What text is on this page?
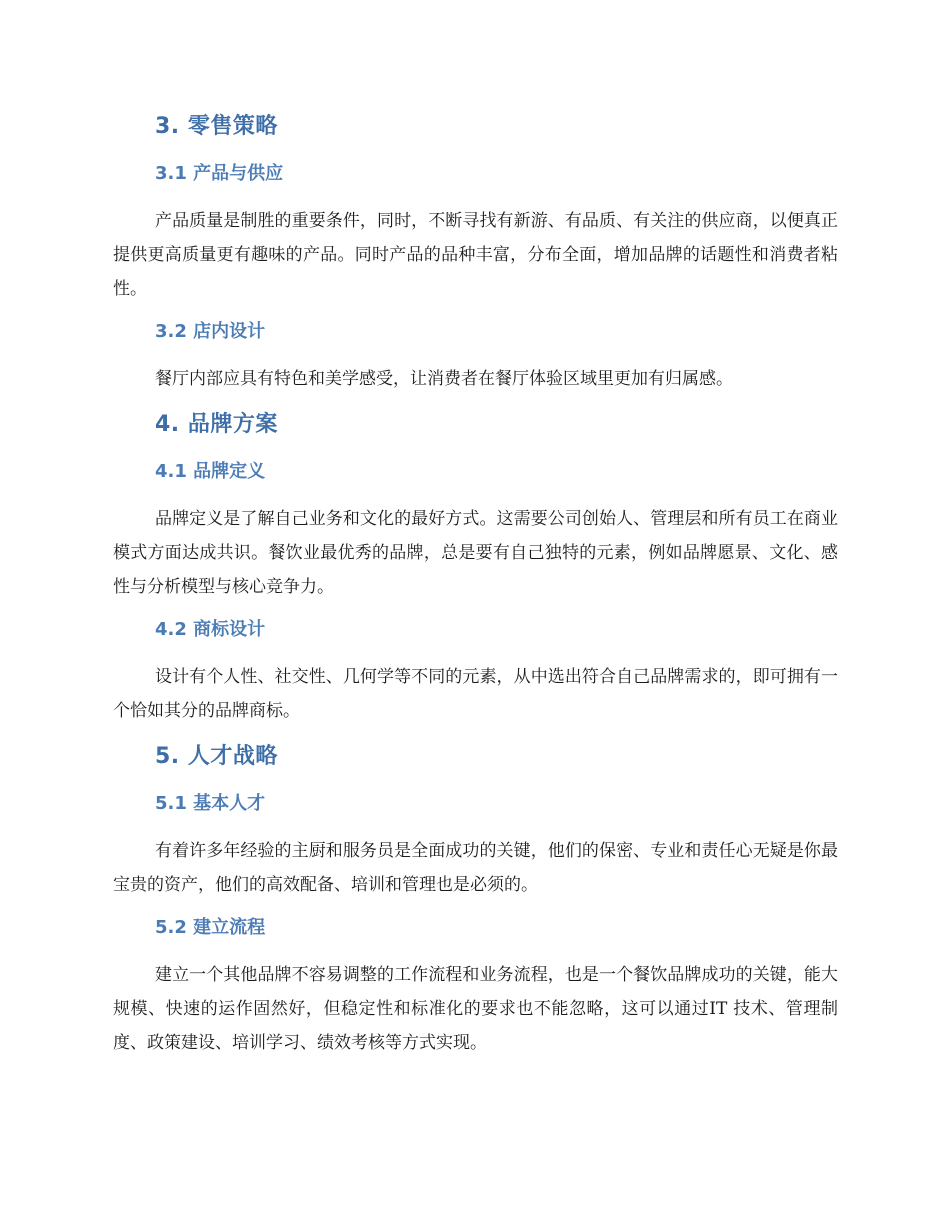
3. 零售策略
3.1 产品与供应

产品质量是制胜的重要条件，同时，不断寻找有新游、有品质、有关注的供应商，以便真正提供更高质量更有趣味的产品。同时产品的品种丰富，分布全面，增加品牌的话题性和消费者粘性。

3.2 店内设计

餐厅内部应具有特色和美学感受，让消费者在餐厅体验区域里更加有归属感。

4. 品牌方案
4.1 品牌定义

品牌定义是了解自己业务和文化的最好方式。这需要公司创始人、管理层和所有员工在商业模式方面达成共识。餐饮业最优秀的品牌，总是要有自己独特的元素，例如品牌愿景、文化、感性与分析模型与核心竞争力。

4.2 商标设计

设计有个人性、社交性、几何学等不同的元素，从中选出符合自己品牌需求的，即可拥有一个恰如其分的品牌商标。

5. 人才战略
5.1 基本人才

有着许多年经验的主厨和服务员是全面成功的关键，他们的保密、专业和责任心无疑是你最宝贵的资产，他们的高效配备、培训和管理也是必须的。

5.2 建立流程

建立一个其他品牌不容易调整的工作流程和业务流程，也是一个餐饮品牌成功的关键，能大规模、快速的运作固然好，但稳定性和标准化的要求也不能忽略，这可以通过IT 技术、管理制度、政策建设、培训学习、绩效考核等方式实现。
